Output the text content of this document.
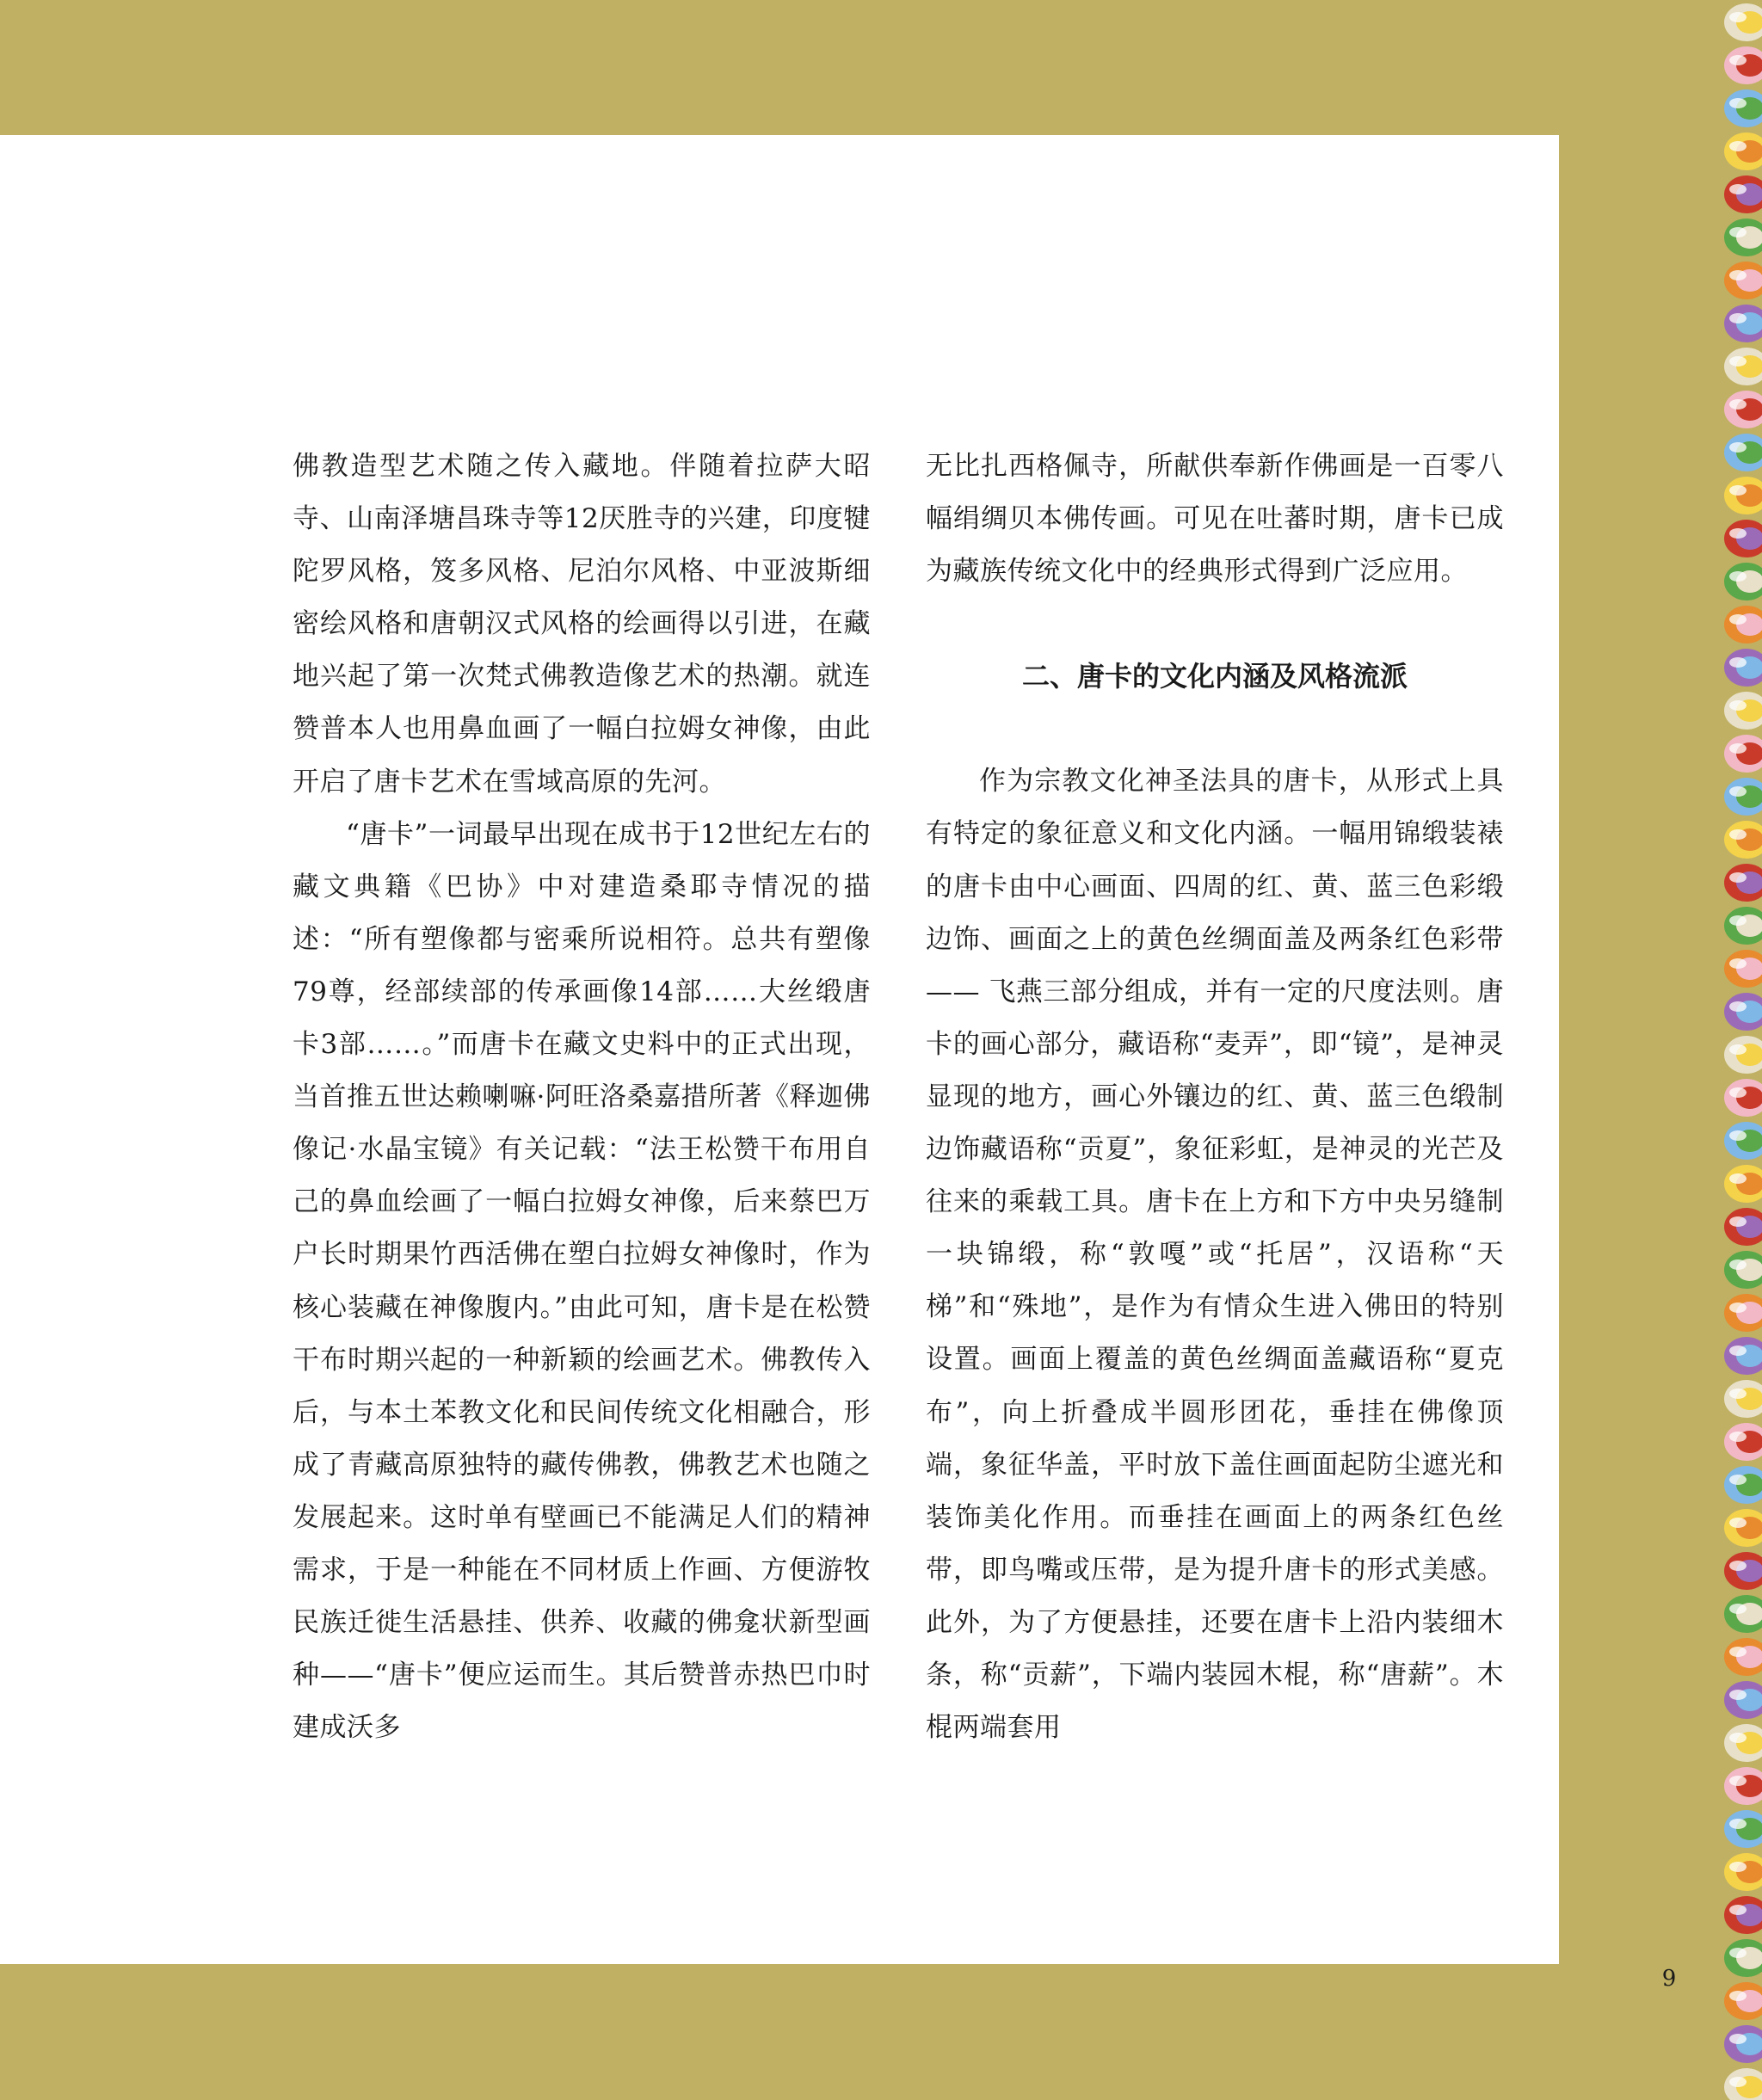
佛教造型艺术随之传入藏地。伴随着拉萨大昭寺、山南泽塘昌珠寺等12厌胜寺的兴建，印度犍陀罗风格，笈多风格、尼泊尔风格、中亚波斯细密绘风格和唐朝汉式风格的绘画得以引进，在藏地兴起了第一次梵式佛教造像艺术的热潮。就连赞普本人也用鼻血画了一幅白拉姆女神像，由此开启了唐卡艺术在雪域高原的先河。

“唐卡”一词最早出现在成书于12世纪左右的藏文典籍《巴协》中对建造桑耶寺情况的描述：“所有塑像都与密乘所说相符。总共有塑像79尊，经部续部的传承画像14部……大丝缎唐卡3部……。”而唐卡在藏文史料中的正式出现，当首推五世达赖喇嘛·阿旺洛桑嘉措所著《释迦佛像记·水晶宝镜》有关记载：“法王松赞干布用自己的鼻血绘画了一幅白拉姆女神像，后来蔡巴万户长时期果竹西活佛在塑白拉姆女神像时，作为核心装藏在神像腹内。”由此可知，唐卡是在松赞干布时期兴起的一种新颖的绘画艺术。佛教传入后，与本土苯教文化和民间传统文化相融合，形成了青藏高原独特的藏传佛教，佛教艺术也随之发展起来。这时单有壁画已不能满足人们的精神需求，于是一种能在不同材质上作画、方便游牧民族迁徙生活悬挂、供养、收藏的佛龛状新型画种——“唐卡”便应运而生。其后赞普赤热巴巾时建成沃多

无比扎西格佩寺，所献供奉新作佛画是一百零八幅绢绸贝本佛传画。可见在吐蕃时期，唐卡已成为藏族传统文化中的经典形式得到广泛应用。

二、唐卡的文化内涵及风格流派

作为宗教文化神圣法具的唐卡，从形式上具有特定的象征意义和文化内涵。一幅用锦缎装裱的唐卡由中心画面、四周的红、黄、蓝三色彩缎边饰、画面之上的黄色丝绸面盖及两条红色彩带 —— 飞燕三部分组成，并有一定的尺度法则。唐卡的画心部分，藏语称“麦弄”，即“镜”，是神灵显现的地方，画心外镶边的红、黄、蓝三色缎制边饰藏语称“贡夏”，象征彩虹，是神灵的光芒及往来的乘载工具。唐卡在上方和下方中央另缝制一块锦缎，称“敦嘎”或“托居”，汉语称“天梯”和“殊地”，是作为有情众生进入佛田的特别设置。画面上覆盖的黄色丝绸面盖藏语称“夏克布”，向上折叠成半圆形团花，垂挂在佛像顶端，象征华盖，平时放下盖住画面起防尘遮光和装饰美化作用。而垂挂在画面上的两条红色丝带，即鸟嘴或压带，是为提升唐卡的形式美感。此外，为了方便悬挂，还要在唐卡上沿内装细木条，称“贡薪”，下端内装园木棍，称“唐薪”。木棍两端套用

9
